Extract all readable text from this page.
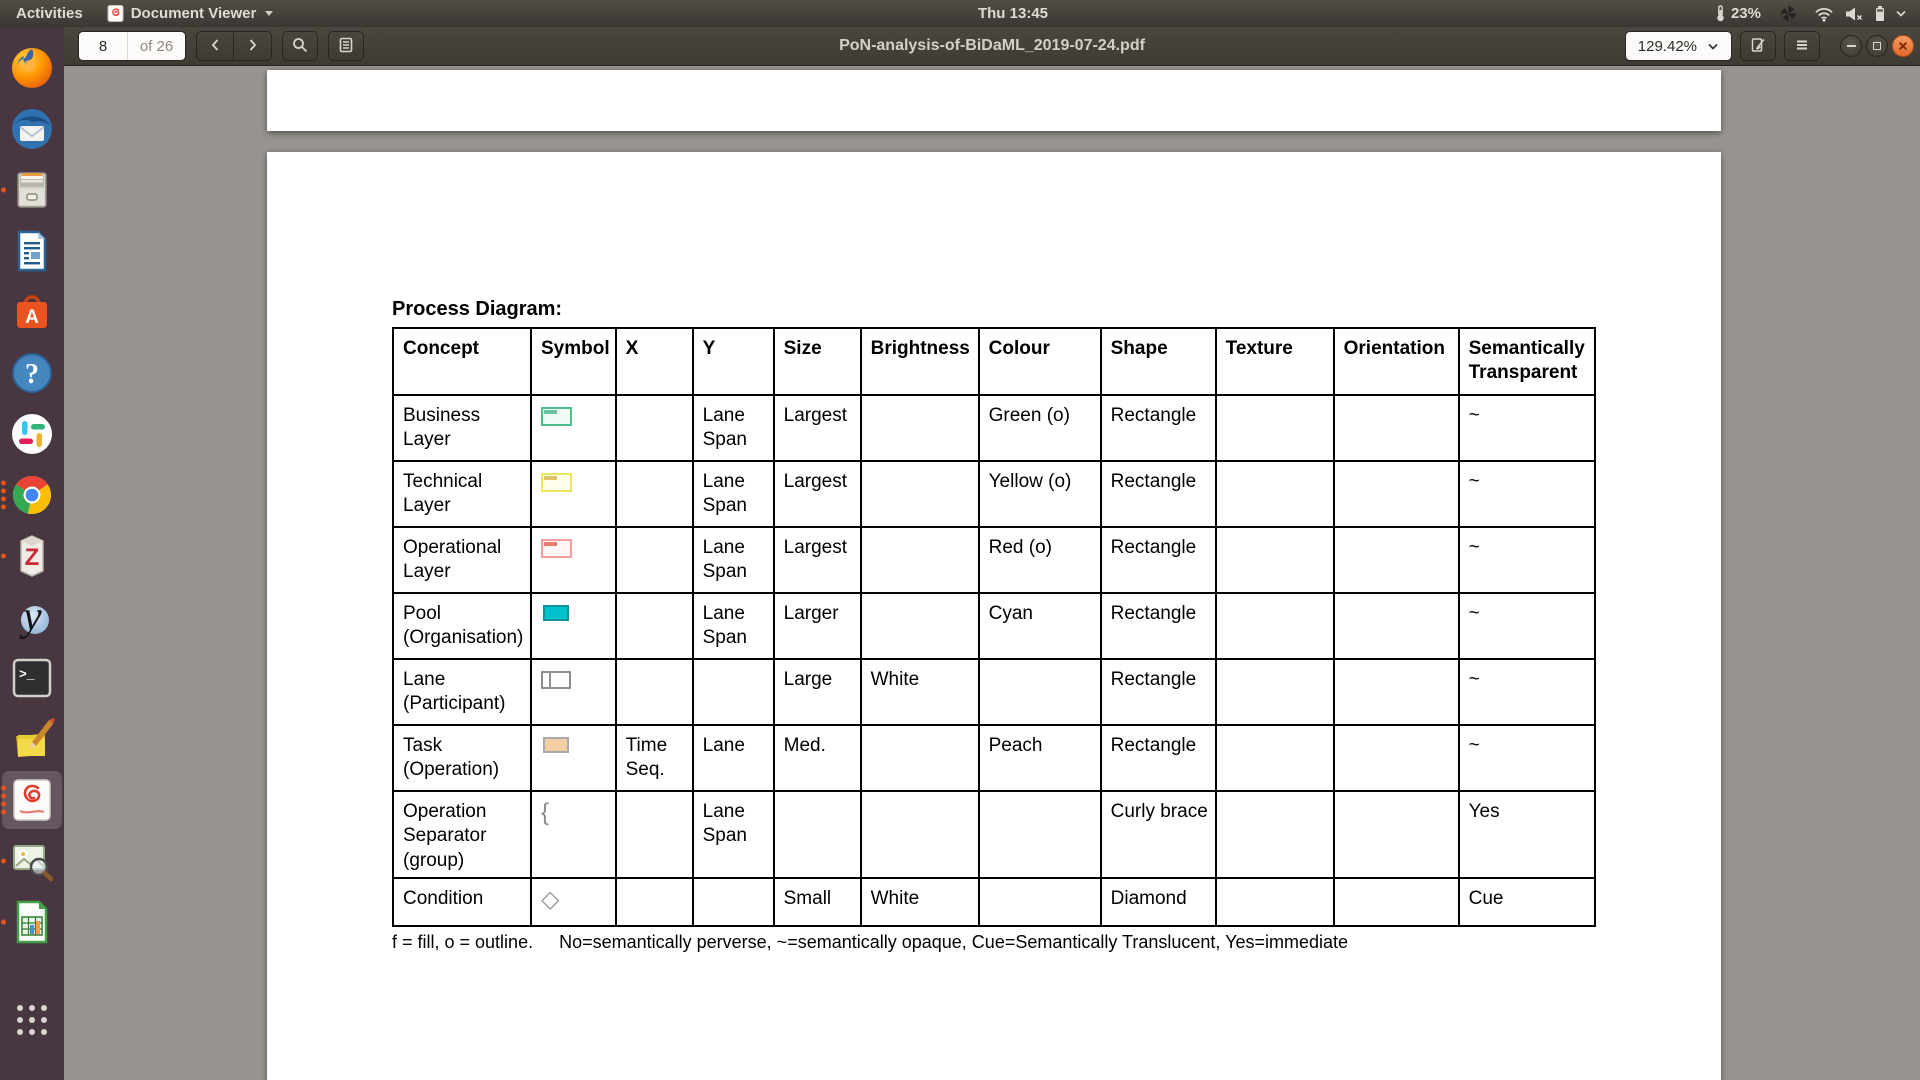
Activities	Document Viewer	Thu 13:45	23%
8
of 26	PoN-analysis-of-BiDaML_2019-07-24.pdf	129.42%
Process Diagram:
Concept	Symbol	X	Y	Size	Brightness	Colour	Shape	Texture	Orientation	Semantically Transparent
Business Layer			Lane Span	Largest		Green (o)	Rectangle			~
Technical Layer			Lane Span	Largest		Yellow (o)	Rectangle			~
Operational Layer			Lane Span	Largest		Red (o)	Rectangle			~
Pool (Organisation)			Lane Span	Larger		Cyan	Rectangle			~
Lane (Participant)				Large	White		Rectangle			~
Task (Operation)		Time Seq.	Lane	Med.		Peach	Rectangle			~
Operation Separator (group)	{		Lane Span				Curly brace			Yes
Condition	◇			Small	White		Diamond			Cue
f = fill, o = outline. No=semantically perverse, ~=semantically opaque, Cue=Semantically Translucent, Yes=immediate
A
?
Z
y
>_
